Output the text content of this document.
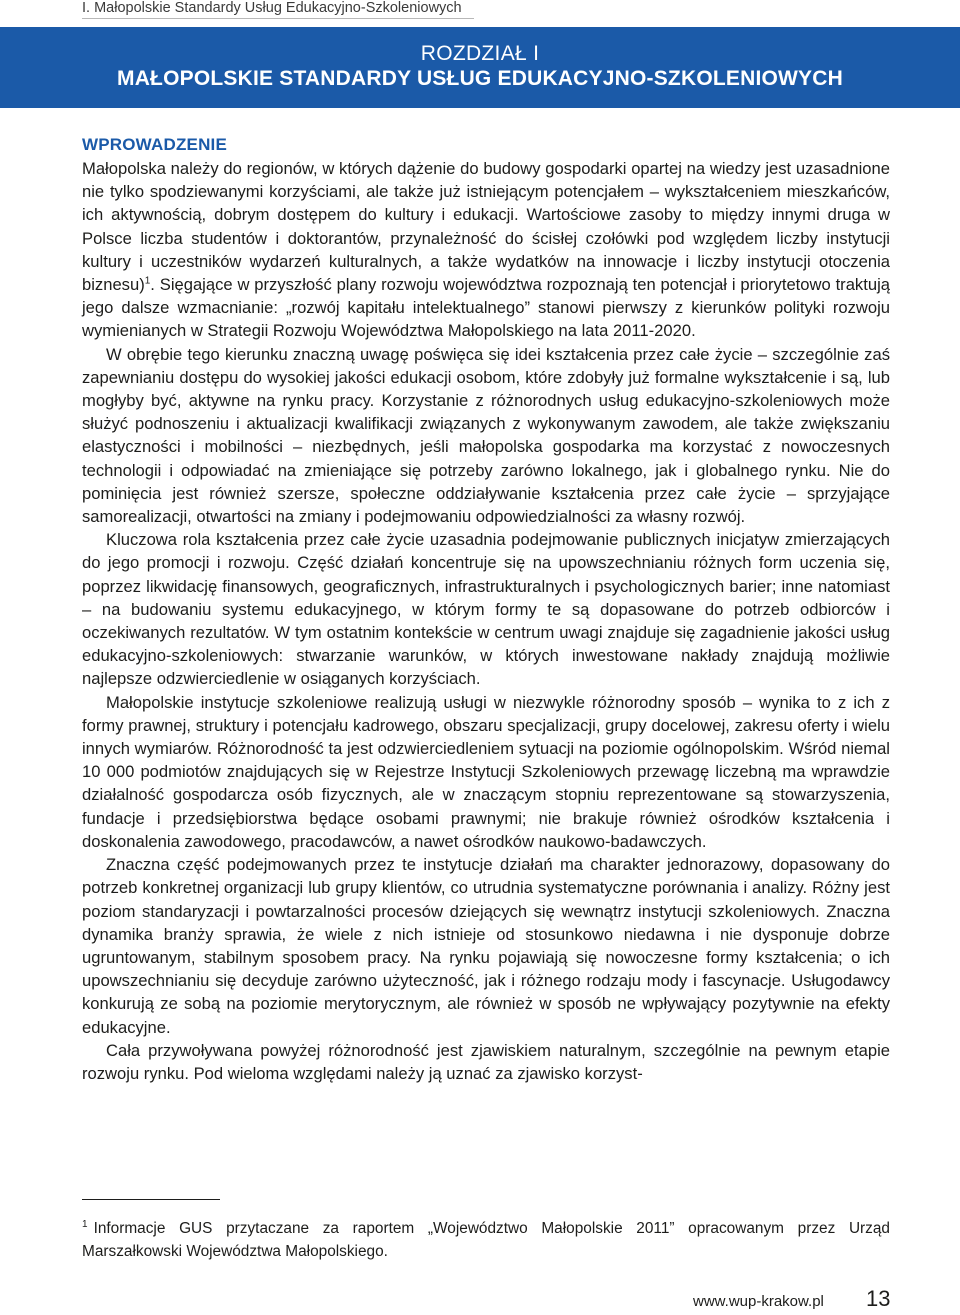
I. Małopolskie Standardy Usług Edukacyjno-Szkoleniowych
ROZDZIAŁ I
MAŁOPOLSKIE STANDARDY USŁUG EDUKACYJNO-SZKOLENIOWYCH
WPROWADZENIE

Małopolska należy do regionów, w których dążenie do budowy gospodarki opartej na wiedzy jest uzasadnione nie tylko spodziewanymi korzyściami, ale także już istniejącym potencjałem – wykształceniem mieszkańców, ich aktywnością, dobrym dostępem do kultury i edukacji. Wartościowe zasoby to między innymi druga w Polsce liczba studentów i doktorantów, przynależność do ścisłej czołówki pod względem liczby instytucji kultury i uczestników wydarzeń kulturalnych, a także wydatków na innowacje i liczby instytucji otoczenia biznesu)$^1$. Sięgające w przyszłość plany rozwoju województwa rozpoznają ten potencjał i priorytetowo traktują jego dalsze wzmacnianie: „rozwój kapitału intelektualnego” stanowi pierwszy z kierunków polityki rozwoju wymienianych w Strategii Rozwoju Województwa Małopolskiego na lata 2011-2020.

W obrębie tego kierunku znaczną uwagę poświęca się idei kształcenia przez całe życie – szczególnie zaś zapewnianiu dostępu do wysokiej jakości edukacji osobom, które zdobyły już formalne wykształcenie i są, lub mogłyby być, aktywne na rynku pracy. Korzystanie z różnorodnych usług edukacyjno-szkoleniowych może służyć podnoszeniu i aktualizacji kwalifikacji związanych z wykonywanym zawodem, ale także zwiększaniu elastyczności i mobilności – niezbędnych, jeśli małopolska gospodarka ma korzystać z nowoczesnych technologii i odpowiadać na zmieniające się potrzeby zarówno lokalnego, jak i globalnego rynku. Nie do pominięcia jest również szersze, społeczne oddziaływanie kształcenia przez całe życie – sprzyjające samorealizacji, otwartości na zmiany i podejmowaniu odpowiedzialności za własny rozwój.

Kluczowa rola kształcenia przez całe życie uzasadnia podejmowanie publicznych inicjatyw zmierzających do jego promocji i rozwoju. Część działań koncentruje się na upowszechnianiu różnych form uczenia się, poprzez likwidację finansowych, geograficznych, infrastrukturalnych i psychologicznych barier; inne natomiast – na budowaniu systemu edukacyjnego, w którym formy te są dopasowane do potrzeb odbiorców i oczekiwanych rezultatów. W tym ostatnim kontekście w centrum uwagi znajduje się zagadnienie jakości usług edukacyjno-szkoleniowych: stwarzanie warunków, w których inwestowane nakłady znajdują możliwie najlepsze odzwierciedlenie w osiąganych korzyściach.

Małopolskie instytucje szkoleniowe realizują usługi w niezwykle różnorodny sposób – wynika to z ich z formy prawnej, struktury i potencjału kadrowego, obszaru specjalizacji, grupy docelowej, zakresu oferty i wielu innych wymiarów. Różnorodność ta jest odzwierciedleniem sytuacji na poziomie ogólnopolskim. Wśród niemal 10 000 podmiotów znajdujących się w Rejestrze Instytucji Szkoleniowych przewagę liczebną ma wprawdzie działalność gospodarcza osób fizycznych, ale w znaczącym stopniu reprezentowane są stowarzyszenia, fundacje i przedsiębiorstwa będące osobami prawnymi; nie brakuje również ośrodków kształcenia i doskonalenia zawodowego, pracodawców, a nawet ośrodków naukowo-badawczych.

Znaczna część podejmowanych przez te instytucje działań ma charakter jednorazowy, dopasowany do potrzeb konkretnej organizacji lub grupy klientów, co utrudnia systematyczne porównania i analizy. Różny jest poziom standaryzacji i powtarzalności procesów dziejących się wewnątrz instytucji szkoleniowych. Znaczna dynamika branży sprawia, że wiele z nich istnieje od stosunkowo niedawna i nie dysponuje dobrze ugruntowanym, stabilnym sposobem pracy. Na rynku pojawiają się nowoczesne formy kształcenia; o ich upowszechnianiu się decyduje zarówno użyteczność, jak i różnego rodzaju mody i fascynacje. Usługodawcy konkurują ze sobą na poziomie merytorycznym, ale również w sposób ne wpływający pozytywnie na efekty edukacyjne.

Cała przywoływana powyżej różnorodność jest zjawiskiem naturalnym, szczególnie na pewnym etapie rozwoju rynku. Pod wieloma względami należy ją uznać za zjawisko korzyst-

$^1$ Informacje GUS przytaczane za raportem „Województwo Małopolskie 2011” opracowanym przez Urząd Marszałkowski Województwa Małopolskiego.

www.wup-krakow.pl 13
